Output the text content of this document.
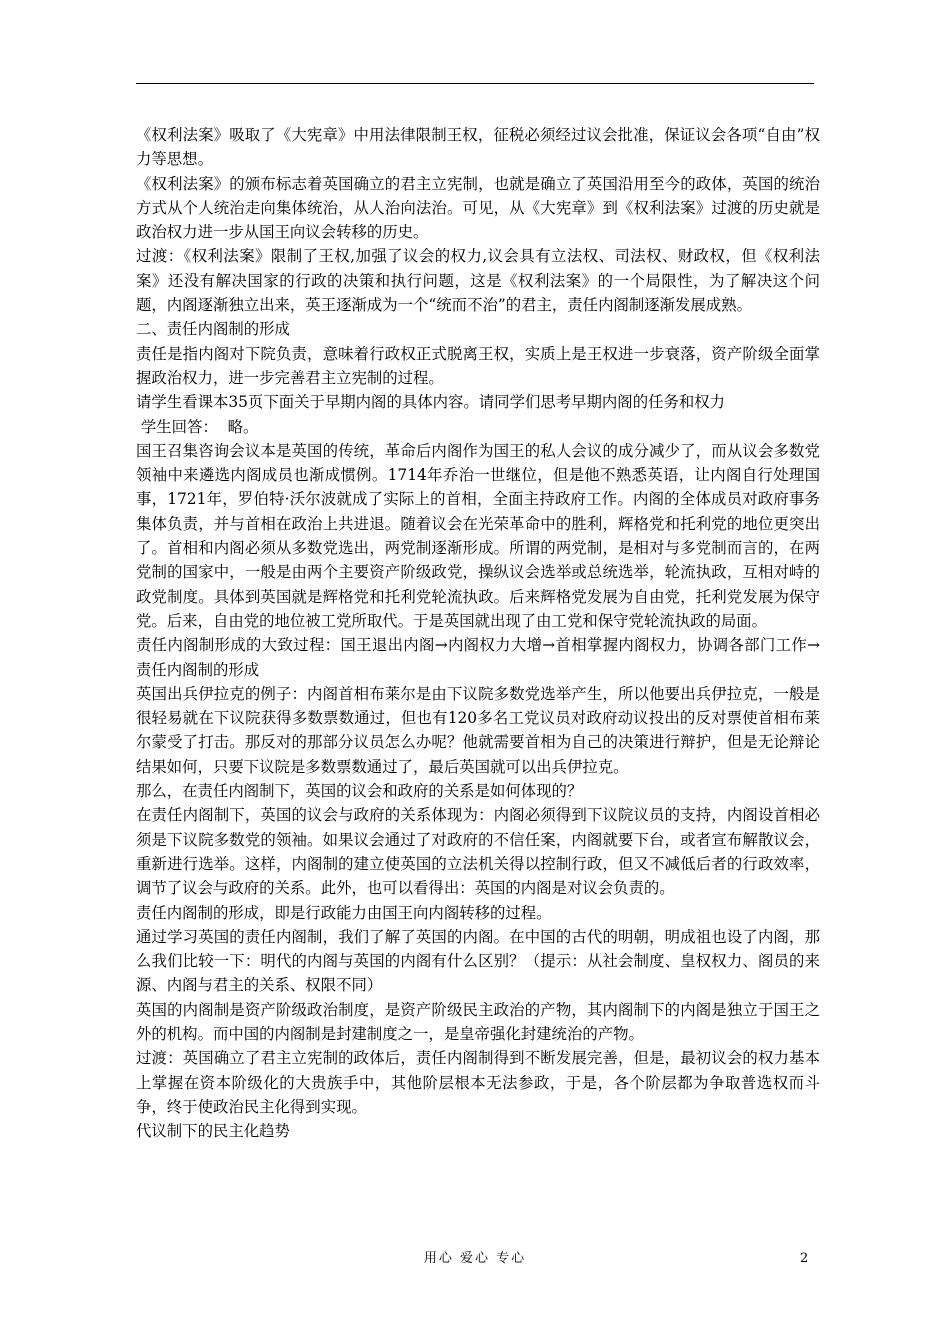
《权利法案》吸取了《大宪章》中用法律限制王权，征税必须经过议会批准，保证议会各项“自由”权力等思想。

《权利法案》的颁布标志着英国确立的君主立宪制，也就是确立了英国沿用至今的政体，英国的统治方式从个人统治走向集体统治，从人治向法治。可见，从《大宪章》到《权利法案》过渡的历史就是政治权力进一步从国王向议会转移的历史。

过渡：《权利法案》限制了王权,加强了议会的权力,议会具有立法权、司法权、财政权，但《权利法案》还没有解决国家的行政的决策和执行问题，这是《权利法案》的一个局限性，为了解决这个问题，内阁逐渐独立出来，英王逐渐成为一个“统而不治”的君主，责任内阁制逐渐发展成熟。

二、责任内阁制的形成

责任是指内阁对下院负责，意味着行政权正式脱离王权，实质上是王权进一步衰落，资产阶级全面掌握政治权力，进一步完善君主立宪制的过程。

请学生看课本35页下面关于早期内阁的具体内容。请同学们思考早期内阁的任务和权力

学生回答：  略。

国王召集咨询会议本是英国的传统，革命后内阁作为国王的私人会议的成分减少了，而从议会多数党领袖中来遴选内阁成员也渐成惯例。1714年乔治一世继位，但是他不熟悉英语，让内阁自行处理国事，1721年，罗伯特·沃尔波就成了实际上的首相，全面主持政府工作。内阁的全体成员对政府事务集体负责，并与首相在政治上共进退。随着议会在光荣革命中的胜利，辉格党和托利党的地位更突出了。首相和内阁必须从多数党选出，两党制逐渐形成。所谓的两党制，是相对与多党制而言的，在两党制的国家中，一般是由两个主要资产阶级政党，操纵议会选举或总统选举，轮流执政，互相对峙的政党制度。具体到英国就是辉格党和托利党轮流执政。后来辉格党发展为自由党，托利党发展为保守党。后来，自由党的地位被工党所取代。于是英国就出现了由工党和保守党轮流执政的局面。

责任内阁制形成的大致过程：国王退出内阁→内阁权力大增→首相掌握内阁权力，协调各部门工作→责任内阁制的形成

英国出兵伊拉克的例子：内阁首相布莱尔是由下议院多数党选举产生，所以他要出兵伊拉克，一般是很轻易就在下议院获得多数票数通过，但也有120多名工党议员对政府动议投出的反对票使首相布莱尔蒙受了打击。那反对的那部分议员怎么办呢？他就需要首相为自己的决策进行辩护，但是无论辩论结果如何，只要下议院是多数票数通过了，最后英国就可以出兵伊拉克。

那么，在责任内阁制下，英国的议会和政府的关系是如何体现的？

在责任内阁制下，英国的议会与政府的关系体现为：内阁必须得到下议院议员的支持，内阁设首相必须是下议院多数党的领袖。如果议会通过了对政府的不信任案，内阁就要下台，或者宣布解散议会，重新进行选举。这样，内阁制的建立使英国的立法机关得以控制行政，但又不减低后者的行政效率，调节了议会与政府的关系。此外，也可以看得出：英国的内阁是对议会负责的。

责任内阁制的形成，即是行政能力由国王向内阁转移的过程。

通过学习英国的责任内阁制，我们了解了英国的内阁。在中国的古代的明朝，明成祖也设了内阁，那么我们比较一下：明代的内阁与英国的内阁有什么区别？（提示：从社会制度、皇权权力、阁员的来源、内阁与君主的关系、权限不同）

英国的内阁制是资产阶级政治制度，是资产阶级民主政治的产物，其内阁制下的内阁是独立于国王之外的机构。而中国的内阁制是封建制度之一，是皇帝强化封建统治的产物。

过渡：英国确立了君主立宪制的政体后，责任内阁制得到不断发展完善，但是，最初议会的权力基本上掌握在资本阶级化的大贵族手中，其他阶层根本无法参政，于是，各个阶层都为争取普选权而斗争，终于使政治民主化得到实现。

代议制下的民主化趋势

用心 爱心 专心	2
